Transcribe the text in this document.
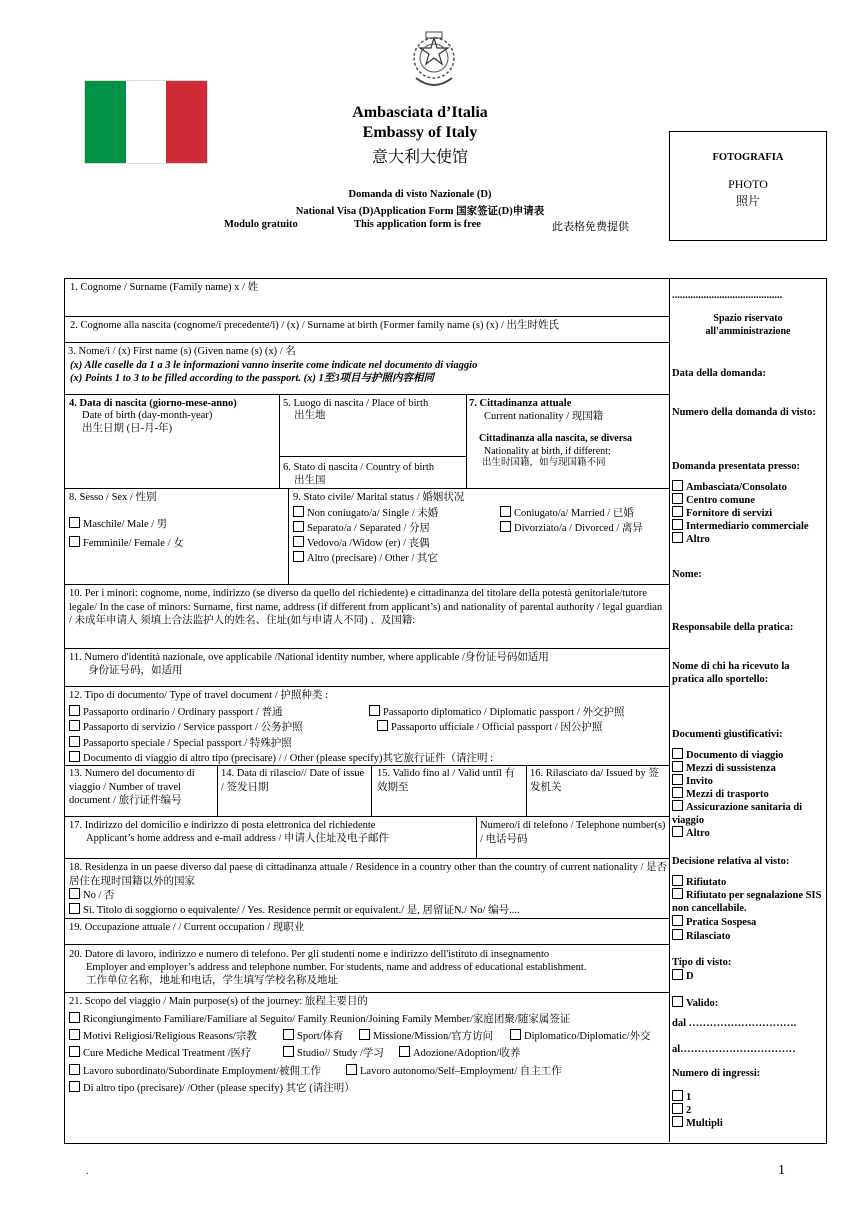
Ambasciata d’Italia
Embassy of Italy
意大利大使馆
Domanda di visto Nazionale (D)
National Visa (D)Application Form 国家签证(D)申请表
Modulo gratuito	This application form is free	此表格免费提供
FOTOGRAFIA
PHOTO
照片
1. Cognome / Surname (Family name) x / 姓
2. Cognome alla nascita (cognome/i precedente/i) / (x) / Surname at birth (Former family name (s) (x) / 出生时姓氏
3. Nome/i / (x) First name (s) (Given name (s) (x) / 名
(x) Alle caselle da 1 a 3 le informazioni vanno inserite come indicate nel documento di viaggio
(x) Points 1 to 3 to be filled according to the passport. (x) 1至3项目与护照内容相同
4. Data di nascita (giorno-mese-anno)
Date of birth (day-month-year)
出生日期 (日-月-年)
5. Luogo di nascita / Place of birth
出生地
6. Stato di nascita / Country of birth
出生国
7. Cittadinanza attuale
Current nationality / 现国籍
Cittadinanza alla nascita, se diversa
Nationality at birth, if different:
出生时国籍，如与现国籍不同
8. Sesso / Sex / 性别
Maschile/ Male / 男
Femminile/ Female / 女
9. Stato civile/ Marital status / 婚姻状况
Non coniugato/a/ Single / 未婚	Coniugato/a/ Married / 已婚
Separato/a / Separated / 分居	Divorziato/a / Divorced / 离异
Vedovo/a /Widow (er) / 丧偶
Altro (precisare) / Other / 其它
10. Per i minori: cognome, nome, indirizzo (se diverso da quello del richiedente) e cittadinanza del titolare della potestà genitoriale/tutore legale/ In the case of minors: Surname, first name, address (if different from applicant’s) and nationality of parental authority / legal guardian / 未成年申请人 须填上合法监护人的姓名、住址(如与申请人不同) 、及国籍:
11. Numero d'identità nazionale, ove applicabile /National identity number, where applicable /身份证号码如适用
身份证号码，如适用
12. Tipo di documento/ Type of travel document / 护照种类 :
Passaporto ordinario / Ordinary passport / 普通	Passaporto diplomatico / Diplomatic passport / 外交护照
Passaporto di servizio / Service passport / 公务护照	Passaporto ufficiale / Official passport / 因公护照
Passaporto speciale / Special passport / 特殊护照
Documento di viaggio di altro tipo (precisare) / / Other (please specify)其它旅行证件（请注明 :
13. Numero del documento di viaggio / Number of travel document / 旅行证件编号
14. Data di rilascio// Date of issue / 签发日期
15. Valido fino al / Valid until 有效期至
16. Rilasciato da/ Issued by 签发机关
17. Indirizzo del domicilio e indirizzo di posta elettronica del richiedente
Applicant’s home address and e-mail address / 申请人住址及电子邮件
Numero/i di telefono / Telephone number(s) / 电话号码
18. Residenza in un paese diverso dal paese di cittadinanza attuale / Residence in a country other than the country of current nationality / 是否居住在现时国籍以外的国家
No / 否
Sì. Titolo di soggiorno o equivalente/ / Yes. Residence permit or equivalent./ 是, 居留证N./ No/ 编号....
19. Occupazione attuale / / Current occupation / 现职业
20. Datore di lavoro, indirizzo e numero di telefono. Per gli studenti nome e indirizzo dell'istituto di insegnamento
Employer and employer’s address and telephone number. For students, name and address of educational establishment.
工作单位名称，地址和电话，学生填写学校名称及地址
21. Scopo del viaggio / Main purpose(s) of the journey: 旅程主要目的
Ricongiungimento Familiare/Familiare al Seguito/ Family Reunion/Joining Family Member/家庭团聚/随家属签证
Motivi Religiosi/Religious Reasons/宗教	Sport/体育	Missione/Mission/官方访问	Diplomatico/Diplomatic/外交
Cure Mediche Medical Treatment /医疗	Studio// Study /学习	Adozione/Adoption/收养
Lavoro subordinato/Subordinate Employment/被佣工作	Lavoro autonomo/Self–Employment/ 自主工作
Di altro tipo (precisare)/ /Other (please specify) 其它 (请注明）
..........................................
Spazio riservato all'amministrazione
Data della domanda:
Numero della domanda di visto:
Domanda presentata presso:
Ambasciata/Consolato
Centro comune
Fornitore di servizi
Intermediario commerciale
Altro
Nome:
Responsabile della pratica:
Nome di chi ha ricevuto la pratica allo sportello:
Documenti giustificativi:
Documento di viaggio
Mezzi di sussistenza
Invito
Mezzi di trasporto
Assicurazione sanitaria di viaggio
Altro
Decisione relativa al visto:
Rifiutato
Rifiutato per segnalazione SIS non cancellabile.
Pratica Sospesa
Rilasciato
Tipo di visto:
D
Valido:
dal ………………………….
al……………………………
Numero di ingressi:
1
2
Multipli
.	1
